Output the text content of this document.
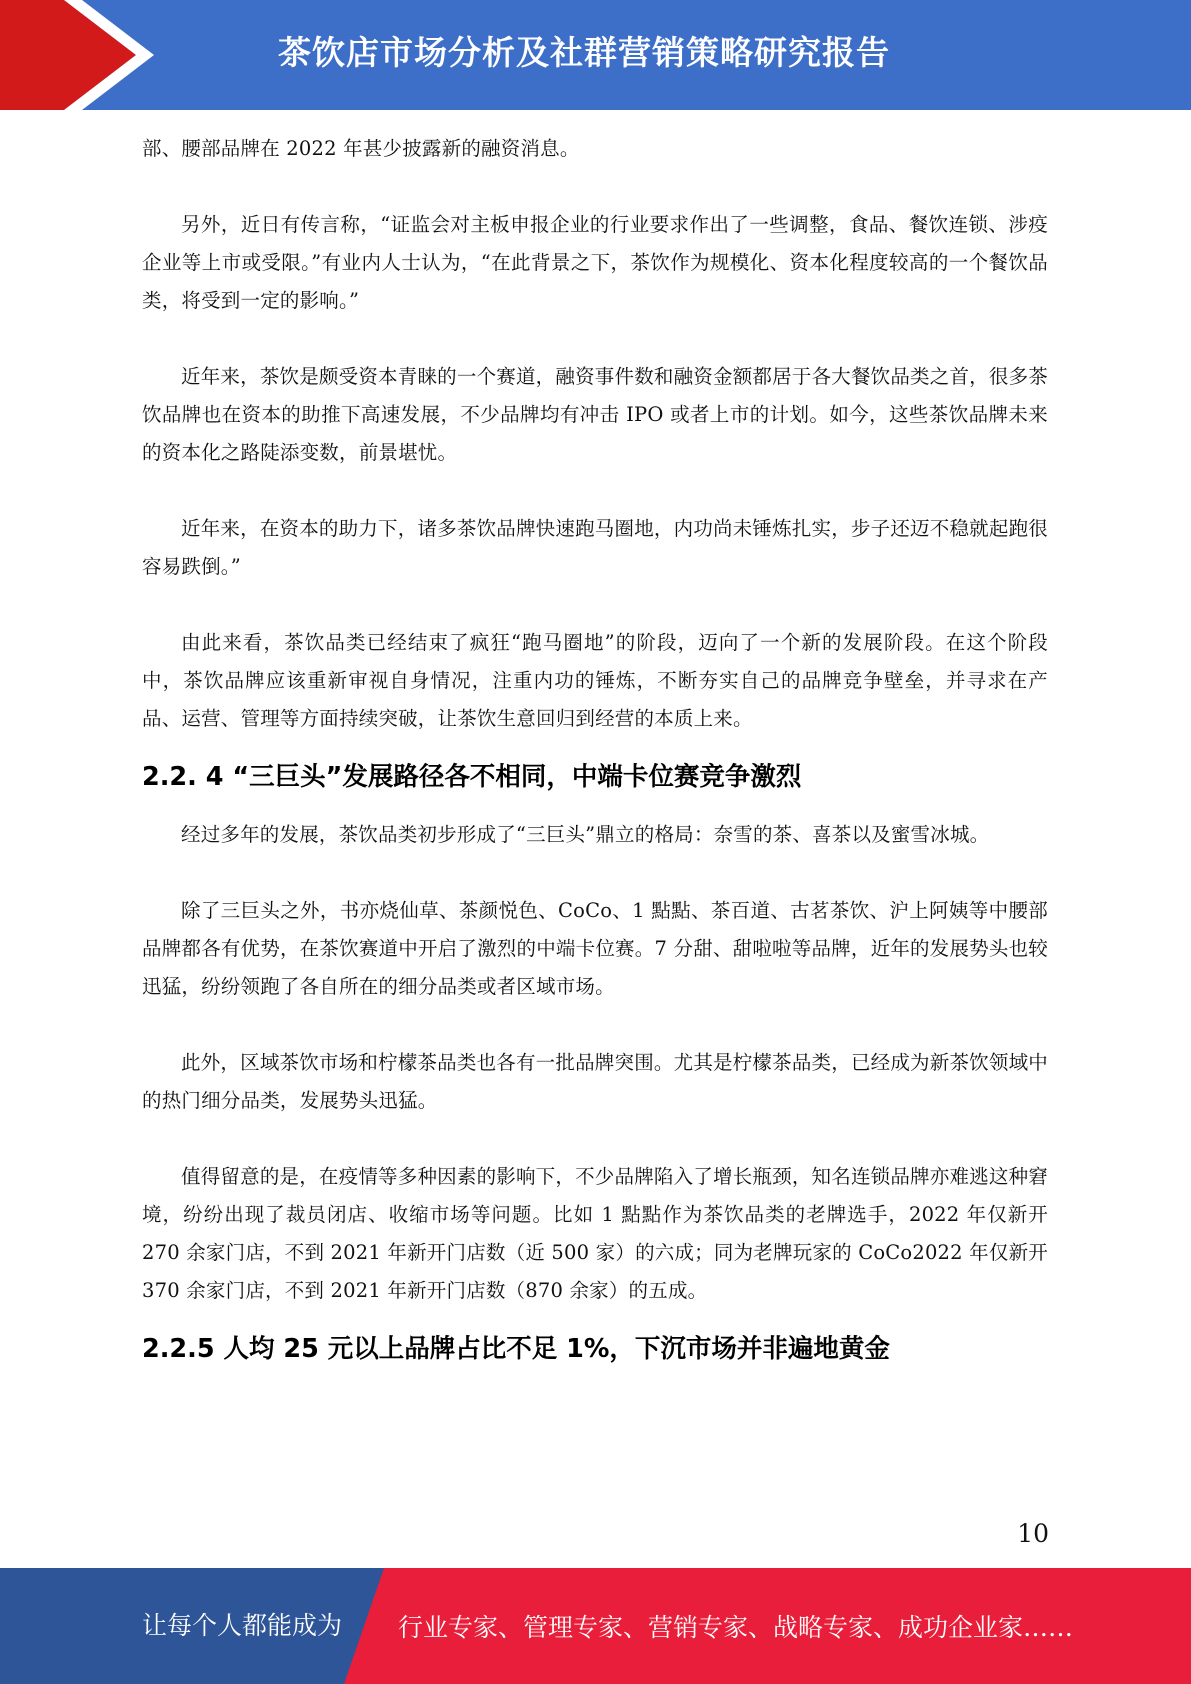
茶饮店市场分析及社群营销策略研究报告

部、腰部品牌在 2022 年甚少披露新的融资消息。

另外，近日有传言称，“证监会对主板申报企业的行业要求作出了一些调整，食品、餐饮连锁、涉疫企业等上市或受限。”有业内人士认为，“在此背景之下，茶饮作为规模化、资本化程度较高的一个餐饮品类，将受到一定的影响。”

近年来，茶饮是颇受资本青睐的一个赛道，融资事件数和融资金额都居于各大餐饮品类之首，很多茶饮品牌也在资本的助推下高速发展，不少品牌均有冲击 IPO 或者上市的计划。如今，这些茶饮品牌未来的资本化之路陡添变数，前景堪忧。

近年来，在资本的助力下，诸多茶饮品牌快速跑马圈地，内功尚未锤炼扎实，步子还迈不稳就起跑很容易跌倒。”

由此来看，茶饮品类已经结束了疯狂“跑马圈地”的阶段，迈向了一个新的发展阶段。在这个阶段中，茶饮品牌应该重新审视自身情况，注重内功的锤炼，不断夯实自己的品牌竞争壁垒，并寻求在产品、运营、管理等方面持续突破，让茶饮生意回归到经营的本质上来。

2.2. 4 “三巨头”发展路径各不相同，中端卡位赛竞争激烈

经过多年的发展，茶饮品类初步形成了“三巨头”鼎立的格局：奈雪的茶、喜茶以及蜜雪冰城。

除了三巨头之外，书亦烧仙草、茶颜悦色、CoCo、1 點點、茶百道、古茗茶饮、沪上阿姨等中腰部品牌都各有优势，在茶饮赛道中开启了激烈的中端卡位赛。7 分甜、甜啦啦等品牌，近年的发展势头也较迅猛，纷纷领跑了各自所在的细分品类或者区域市场。

此外，区域茶饮市场和柠檬茶品类也各有一批品牌突围。尤其是柠檬茶品类，已经成为新茶饮领域中的热门细分品类，发展势头迅猛。

值得留意的是，在疫情等多种因素的影响下，不少品牌陷入了增长瓶颈，知名连锁品牌亦难逃这种窘境，纷纷出现了裁员闭店、收缩市场等问题。比如 1 點點作为茶饮品类的老牌选手，2022 年仅新开 270 余家门店，不到 2021 年新开门店数（近 500 家）的六成；同为老牌玩家的 CoCo2022 年仅新开 370 余家门店，不到 2021 年新开门店数（870 余家）的五成。

2.2.5 人均 25 元以上品牌占比不足 1%，下沉市场并非遍地黄金
10
让每个人都能成为 行业专家、管理专家、营销专家、战略专家、成功企业家……
